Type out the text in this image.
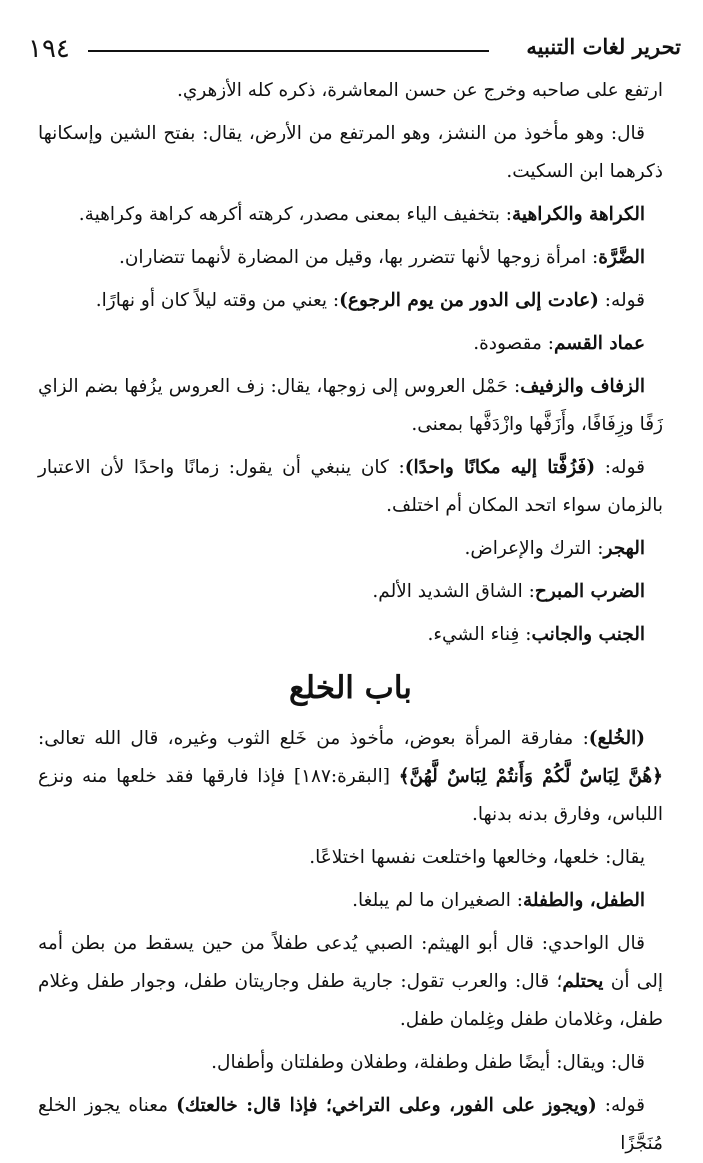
تحرير لغات التنبيه
١٩٤

ارتفع على صاحبه وخرج عن حسن المعاشرة، ذكره كله الأزهري.

قال: وهو مأخوذ من النشز، وهو المرتفع من الأرض، يقال: بفتح الشين وإسكانها ذكرهما ابن السكيت.

الكراهة والكراهية: بتخفيف الياء بمعنى مصدر، كرهته أكرهه كراهة وكراهية.

الضَّرَّة: امرأة زوجها لأنها تتضرر بها، وقيل من المضارة لأنهما تتضاران.

قوله: (عادت إلى الدور من يوم الرجوع): يعني من وقته ليلاً كان أو نهارًا.

عماد القسم: مقصودة.

الزفاف والزفيف: حَمْل العروس إلى زوجها، يقال: زف العروس يزُفها بضم الزاي زَفًا وزِفَافًا، وأَزَفَّها وازْدَفَّها بمعنى.

قوله: (فَزُفَّتا إليه مكانًا واحدًا): كان ينبغي أن يقول: زمانًا واحدًا لأن الاعتبار بالزمان سواء اتحد المكان أم اختلف.

الهجر: الترك والإعراض.

الضرب المبرح: الشاق الشديد الألم.

الجنب والجانب: فِناء الشيء.

باب الخلع

(الخُلع): مفارقة المرأة بعوض، مأخوذ من خَلع الثوب وغيره، قال الله تعالى: ﴿هُنَّ لِبَاسٌ لَّكُمْ وَأَنتُمْ لِبَاسٌ لَّهُنَّ﴾ [البقرة:١٨٧] فإذا فارقها فقد خلعها منه ونزع اللباس، وفارق بدنه بدنها.

يقال: خلعها، وخالعها واختلعت نفسها اختلاعًا.

الطفل، والطفلة: الصغيران ما لم يبلغا.

قال الواحدي: قال أبو الهيثم: الصبي يُدعى طفلاً من حين يسقط من بطن أمه إلى أن يحتلم؛ قال: والعرب تقول: جارية طفل وجاريتان طفل، وجوار طفل وغلام طفل، وغلامان طفل وغِلمان طفل.

قال: ويقال: أيضًا طفل وطفلة، وطفلان وطفلتان وأطفال.

قوله: (ويجوز على الفور، وعلى التراخي؛ فإذا قال: خالعتك) معناه يجوز الخلع مُنَجَّزًا
